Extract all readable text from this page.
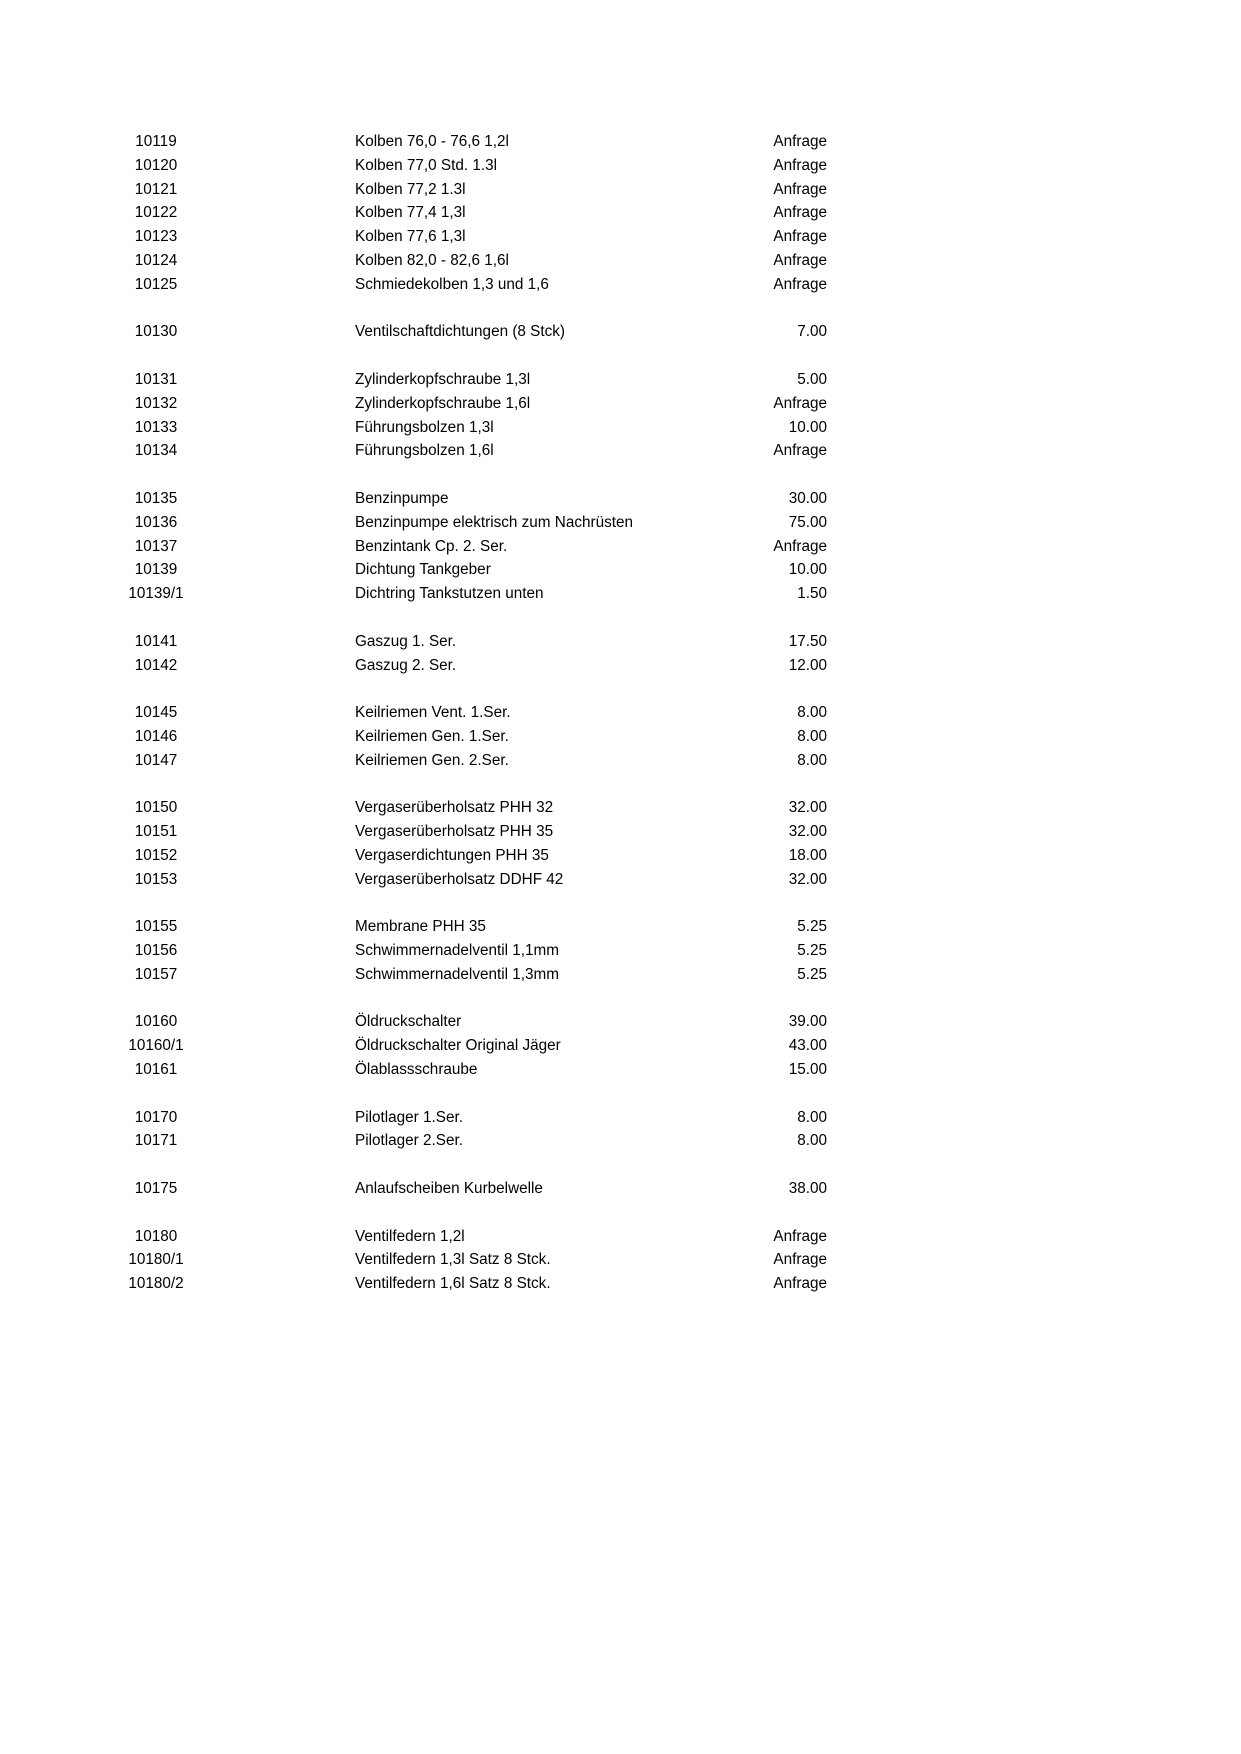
	10119		Kolben 76,0 - 76,6 1,2l	Anfrage	
	10120		Kolben 77,0 Std. 1.3l	Anfrage	
	10121		Kolben 77,2 1.3l	Anfrage	
	10122		Kolben 77,4 1,3l	Anfrage	
	10123		Kolben 77,6 1,3l	Anfrage	
	10124		Kolben 82,0 - 82,6 1,6l	Anfrage	
	10125		Schmiedekolben 1,3 und 1,6	Anfrage	

	10130		Ventilschaftdichtungen (8 Stck)	7.00	

	10131		Zylinderkopfschraube 1,3l	5.00	
	10132		Zylinderkopfschraube 1,6l	Anfrage	
	10133		Führungsbolzen 1,3l	10.00	
	10134		Führungsbolzen 1,6l	Anfrage	

	10135		Benzinpumpe	30.00	
	10136		Benzinpumpe elektrisch zum Nachrüsten	75.00	
	10137		Benzintank Cp. 2. Ser.	Anfrage	
	10139		Dichtung Tankgeber	10.00	
	10139/1		Dichtring Tankstutzen unten	1.50	

	10141		Gaszug 1. Ser.	17.50	
	10142		Gaszug 2. Ser.	12.00	

	10145		Keilriemen Vent. 1.Ser.	8.00	
	10146		Keilriemen Gen. 1.Ser.	8.00	
	10147		Keilriemen Gen. 2.Ser.	8.00	

	10150		Vergaserüberholsatz PHH 32	32.00	
	10151		Vergaserüberholsatz PHH 35	32.00	
	10152		Vergaserdichtungen PHH 35	18.00	
	10153		Vergaserüberholsatz DDHF 42	32.00	

	10155		Membrane PHH 35	5.25	
	10156		Schwimmernadelventil 1,1mm	5.25	
	10157		Schwimmernadelventil 1,3mm	5.25	

	10160		Öldruckschalter	39.00	
	10160/1		Öldruckschalter Original Jäger	43.00	
	10161		Ölablassschraube	15.00	

	10170		Pilotlager 1.Ser.	8.00	
	10171		Pilotlager 2.Ser.	8.00	

	10175		Anlaufscheiben Kurbelwelle	38.00	

	10180		Ventilfedern 1,2l	Anfrage	
	10180/1		Ventilfedern 1,3l Satz 8 Stck.	Anfrage	
	10180/2		Ventilfedern 1,6l Satz 8 Stck.	Anfrage	
